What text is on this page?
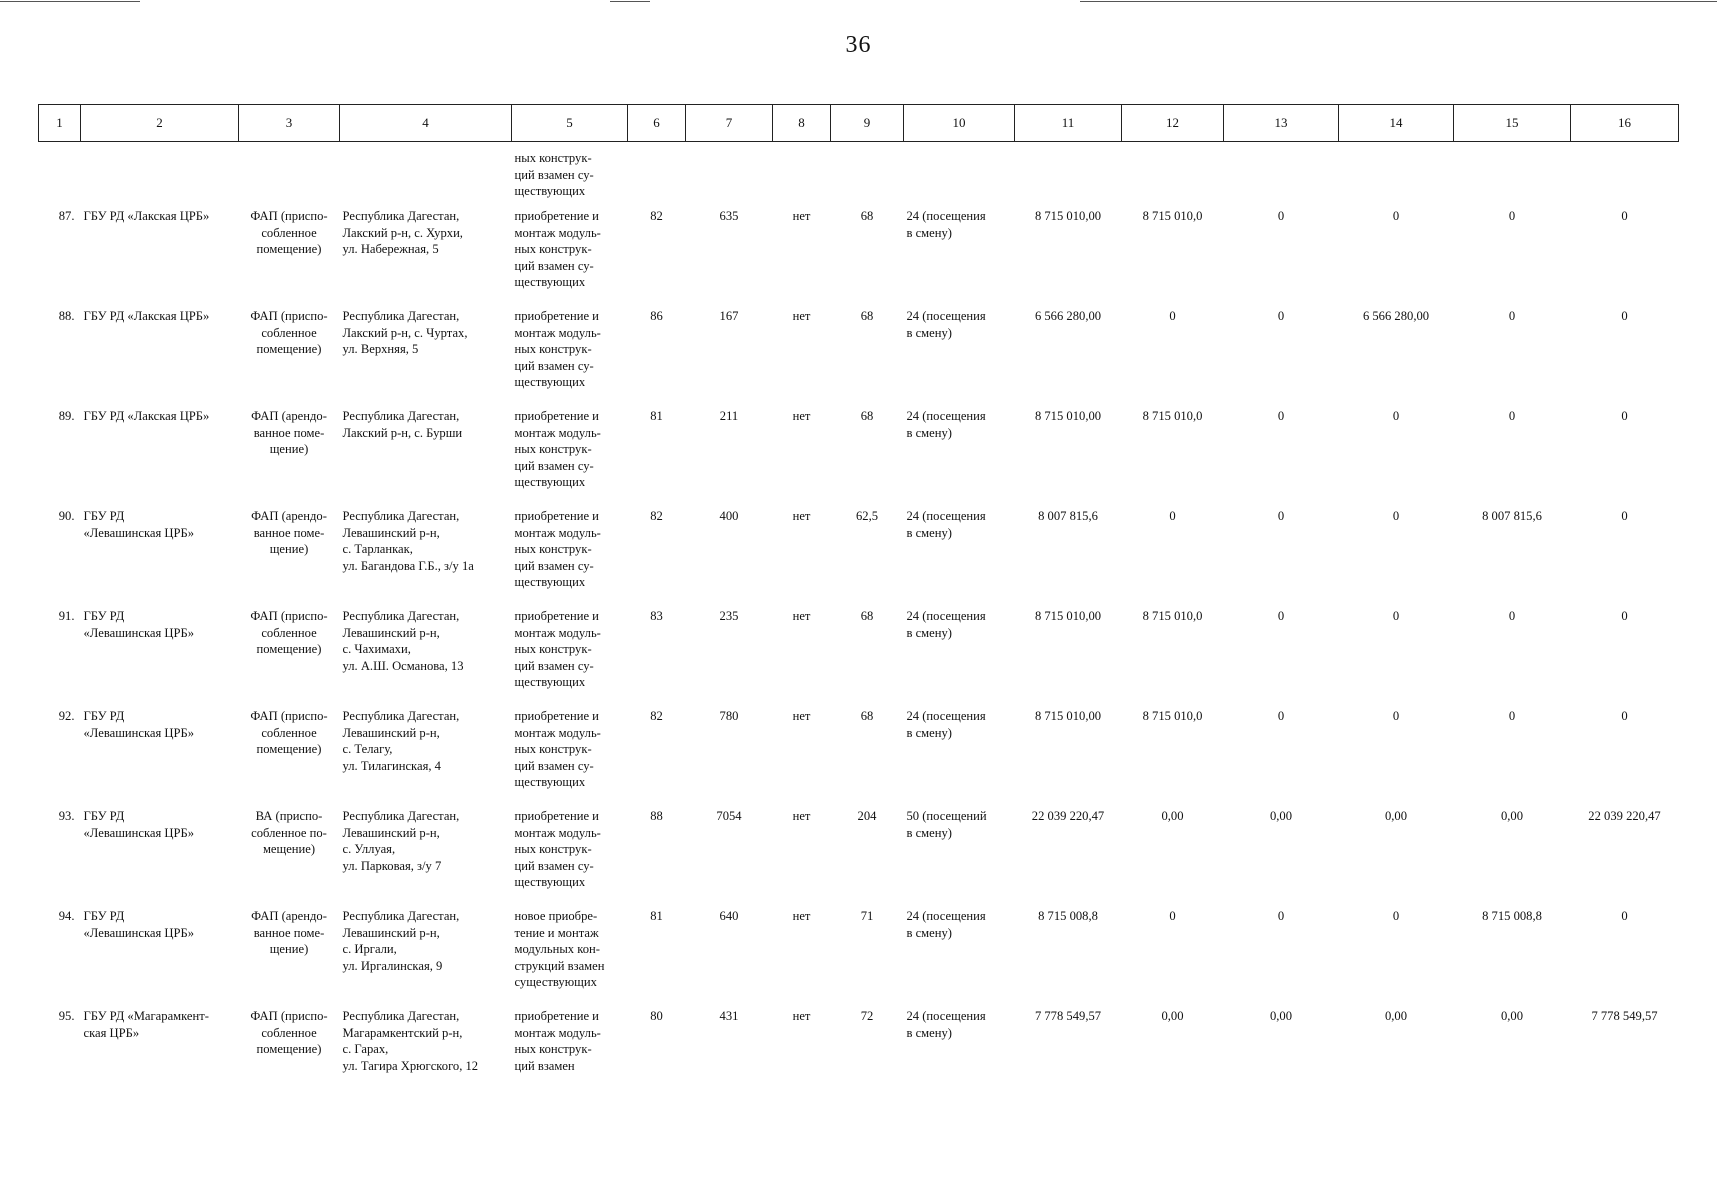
36
1	2	3	4	5	6	7	8	9	10	11	12	13	14	15	16
				ных конструк-
ций взамен су-
ществующих											
87.	ГБУ РД «Лакская ЦРБ»	ФАП (приспо-
собленное
помещение)	Республика Дагестан,
Лакский р-н, с. Хурхи,
ул. Набережная, 5	приобретение и
монтаж модуль-
ных конструк-
ций взамен су-
ществующих	82	635	нет	68	24 (посещения
в смену)	8 715 010,00	8 715 010,0	0	0	0	0
88.	ГБУ РД «Лакская ЦРБ»	ФАП (приспо-
собленное
помещение)	Республика Дагестан,
Лакский р-н, с. Чуртах,
ул. Верхняя, 5	приобретение и
монтаж модуль-
ных конструк-
ций взамен су-
ществующих	86	167	нет	68	24 (посещения
в смену)	6 566 280,00	0	0	6 566 280,00	0	0
89.	ГБУ РД «Лакская ЦРБ»	ФАП (арендо-
ванное поме-
щение)	Республика Дагестан,
Лакский р-н, с. Бурши	приобретение и
монтаж модуль-
ных конструк-
ций взамен су-
ществующих	81	211	нет	68	24 (посещения
в смену)	8 715 010,00	8 715 010,0	0	0	0	0
90.	ГБУ РД
«Левашинская ЦРБ»	ФАП (арендо-
ванное поме-
щение)	Республика Дагестан,
Левашинский р-н,
с. Тарланкак,
ул. Багандова Г.Б., з/у 1а	приобретение и
монтаж модуль-
ных конструк-
ций взамен су-
ществующих	82	400	нет	62,5	24 (посещения
в смену)	8 007 815,6	0	0	0	8 007 815,6	0
91.	ГБУ РД
«Левашинская ЦРБ»	ФАП (приспо-
собленное
помещение)	Республика Дагестан,
Левашинский р-н,
с. Чахимахи,
ул. А.Ш. Османова, 13	приобретение и
монтаж модуль-
ных конструк-
ций взамен су-
ществующих	83	235	нет	68	24 (посещения
в смену)	8 715 010,00	8 715 010,0	0	0	0	0
92.	ГБУ РД
«Левашинская ЦРБ»	ФАП (приспо-
собленное
помещение)	Республика Дагестан,
Левашинский р-н,
с. Телагу,
ул. Тилагинская, 4	приобретение и
монтаж модуль-
ных конструк-
ций взамен су-
ществующих	82	780	нет	68	24 (посещения
в смену)	8 715 010,00	8 715 010,0	0	0	0	0
93.	ГБУ РД
«Левашинская ЦРБ»	ВА (приспо-
собленное по-
мещение)	Республика Дагестан,
Левашинский р-н,
с. Уллуая,
ул. Парковая, з/у 7	приобретение и
монтаж модуль-
ных конструк-
ций взамен су-
ществующих	88	7054	нет	204	50 (посещений
в смену)	22 039 220,47	0,00	0,00	0,00	0,00	22 039 220,47
94.	ГБУ РД
«Левашинская ЦРБ»	ФАП (арендо-
ванное поме-
щение)	Республика Дагестан,
Левашинский р-н,
с. Иргали,
ул. Иргалинская, 9	новое приобре-
тение и монтаж
модульных кон-
струкций взамен
существующих	81	640	нет	71	24 (посещения
в смену)	8 715 008,8	0	0	0	8 715 008,8	0
95.	ГБУ РД «Магарамкент-
ская ЦРБ»	ФАП (приспо-
собленное
помещение)	Республика Дагестан,
Магарамкентский р-н,
с. Гарах,
ул. Тагира Хрюгского, 12	приобретение и
монтаж модуль-
ных конструк-
ций взамен	80	431	нет	72	24 (посещения
в смену)	7 778 549,57	0,00	0,00	0,00	0,00	7 778 549,57
